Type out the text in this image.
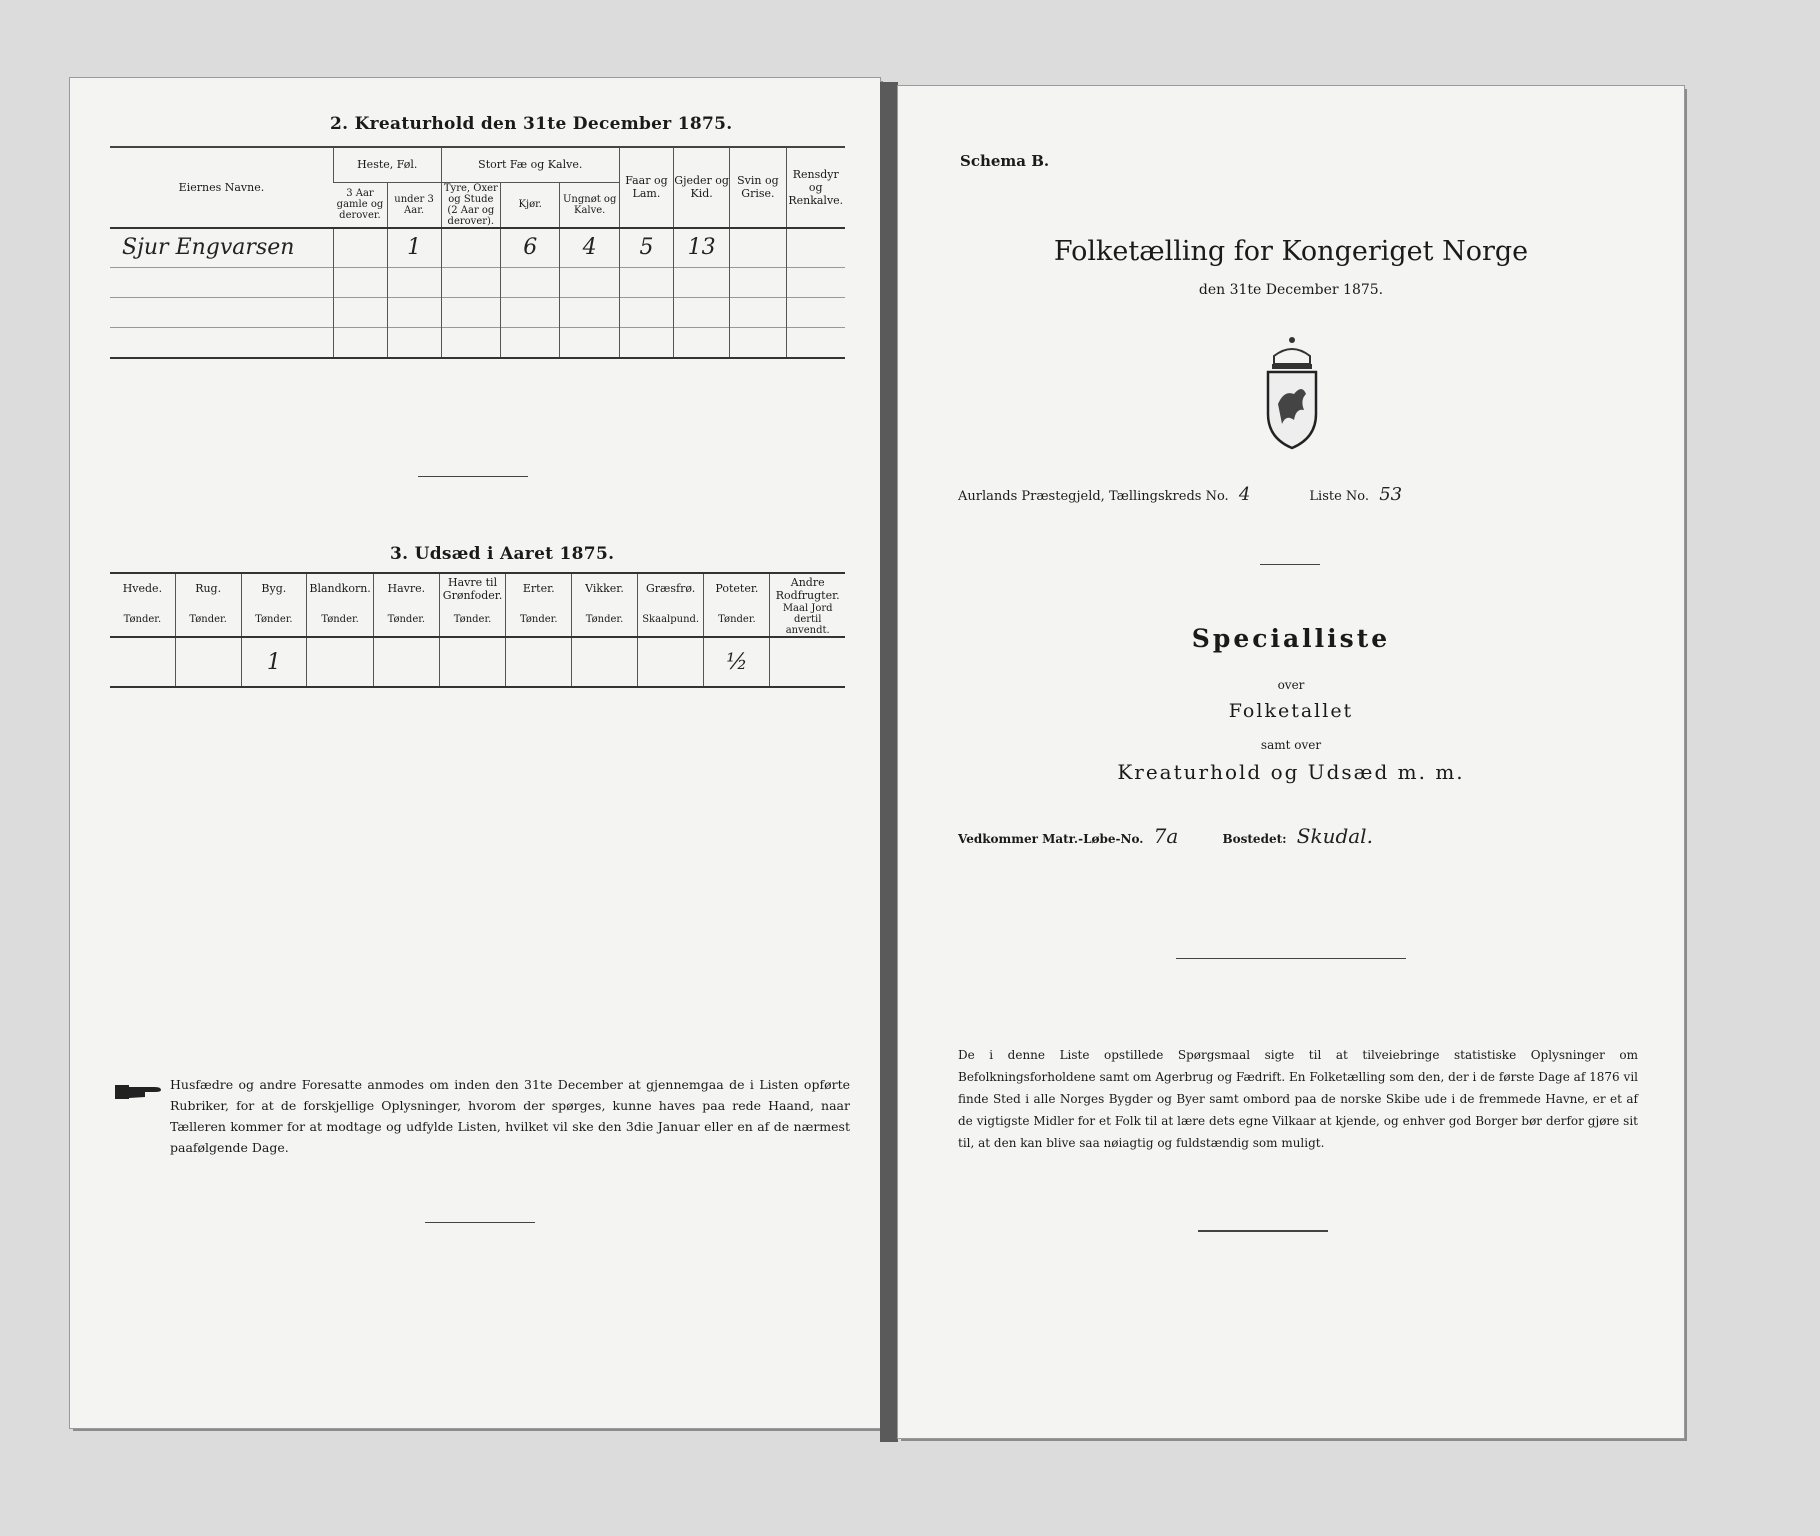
2. Kreaturhold den 31te December 1875.
Eiernes Navne.	Heste, Føl.		Stort Fæ og Kalve.			Faar og Lam.	Gjeder og Kid.	Svin og Grise.	Rensdyr og Renkalve.
	3 Aar gamle og derover.	under 3 Aar.	Tyre, Oxer og Stude (2 Aar og derover).	Kjør.	Ungnøt og Kalve.				
Sjur Engvarsen		1		6	4	5	13		

3. Udsæd i Aaret 1875.
Hvede.	Rug.	Byg.	Blandkorn.	Havre.	Havre til Grønfoder.	Erter.	Vikker.	Græsfrø.	Poteter.	Andre Rodfrugter.
Tønder.	Tønder.	Tønder.	Tønder.	Tønder.	Tønder.	Tønder.	Tønder.	Skaalpund.	Tønder.	Maal Jord dertil anvendt.
		1							½	
Husfædre og andre Foresatte anmodes om inden den 31te December at gjennemgaa de i Listen opførte Rubriker, for at de forskjellige Oplysninger, hvorom der spørges, kunne haves paa rede Haand, naar Tælleren kommer for at modtage og udfylde Listen, hvilket vil ske den 3die Januar eller en af de nærmest paafølgende Dage.
Schema B.
Folketælling for Kongeriget Norge
den 31te December 1875.
Aurlands Præstegjeld, Tællingskreds No. 4	Liste No. 53
Specialliste
over
Folketallet
samt over
Kreaturhold og Udsæd m. m.
Vedkommer Matr.-Løbe-No. 7a	Bostedet: Skudal.
De i denne Liste opstillede Spørgsmaal sigte til at tilveiebringe statistiske Oplysninger om Befolkningsforholdene samt om Agerbrug og Fædrift. En Folketælling som den, der i de første Dage af 1876 vil finde Sted i alle Norges Bygder og Byer samt ombord paa de norske Skibe ude i de fremmede Havne, er et af de vigtigste Midler for et Folk til at lære dets egne Vilkaar at kjende, og enhver god Borger bør derfor gjøre sit til, at den kan blive saa nøiagtig og fuldstændig som muligt.
